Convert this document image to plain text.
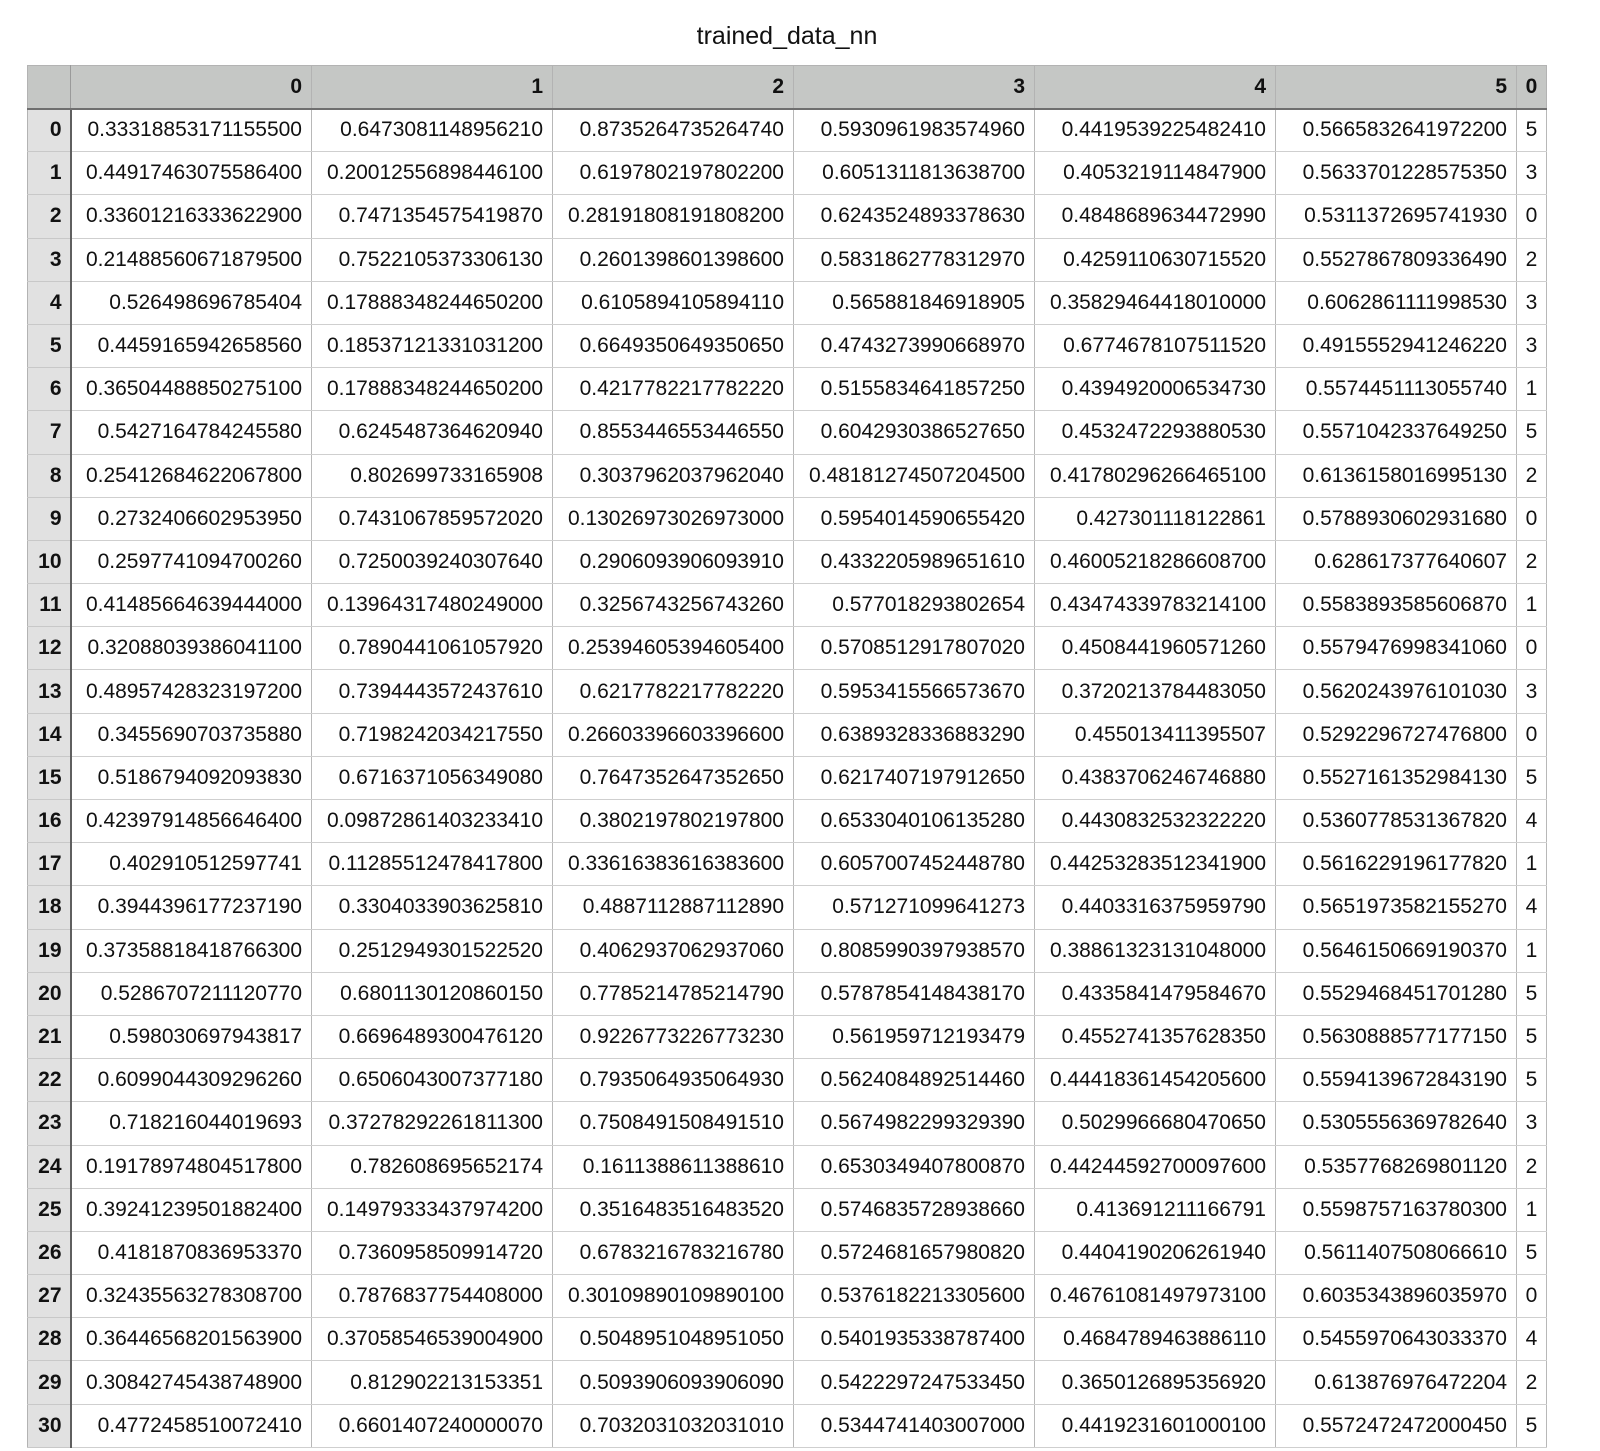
trained_data_nn
	0	1	2	3	4	5	0
0	0.33318853171155500	0.6473081148956210	0.8735264735264740	0.5930961983574960	0.4419539225482410	0.5665832641972200	5
1	0.44917463075586400	0.20012556898446100	0.6197802197802200	0.6051311813638700	0.4053219114847900	0.5633701228575350	3
2	0.33601216333622900	0.7471354575419870	0.28191808191808200	0.6243524893378630	0.4848689634472990	0.5311372695741930	0
3	0.21488560671879500	0.7522105373306130	0.2601398601398600	0.5831862778312970	0.4259110630715520	0.5527867809336490	2
4	0.526498696785404	0.17888348244650200	0.6105894105894110	0.565881846918905	0.35829464418010000	0.6062861111998530	3
5	0.4459165942658560	0.18537121331031200	0.6649350649350650	0.4743273990668970	0.6774678107511520	0.4915552941246220	3
6	0.36504488850275100	0.17888348244650200	0.4217782217782220	0.5155834641857250	0.4394920006534730	0.5574451113055740	1
7	0.5427164784245580	0.6245487364620940	0.8553446553446550	0.6042930386527650	0.4532472293880530	0.5571042337649250	5
8	0.25412684622067800	0.802699733165908	0.3037962037962040	0.48181274507204500	0.41780296266465100	0.6136158016995130	2
9	0.2732406602953950	0.7431067859572020	0.13026973026973000	0.5954014590655420	0.427301118122861	0.5788930602931680	0
10	0.2597741094700260	0.7250039240307640	0.2906093906093910	0.4332205989651610	0.46005218286608700	0.628617377640607	2
11	0.41485664639444000	0.13964317480249000	0.3256743256743260	0.577018293802654	0.43474339783214100	0.5583893585606870	1
12	0.32088039386041100	0.7890441061057920	0.25394605394605400	0.5708512917807020	0.4508441960571260	0.5579476998341060	0
13	0.48957428323197200	0.7394443572437610	0.6217782217782220	0.5953415566573670	0.3720213784483050	0.5620243976101030	3
14	0.3455690703735880	0.7198242034217550	0.26603396603396600	0.6389328336883290	0.455013411395507	0.5292296727476800	0
15	0.5186794092093830	0.6716371056349080	0.7647352647352650	0.6217407197912650	0.4383706246746880	0.5527161352984130	5
16	0.42397914856646400	0.09872861403233410	0.3802197802197800	0.6533040106135280	0.4430832532322220	0.5360778531367820	4
17	0.402910512597741	0.11285512478417800	0.33616383616383600	0.6057007452448780	0.44253283512341900	0.5616229196177820	1
18	0.3944396177237190	0.3304033903625810	0.4887112887112890	0.571271099641273	0.4403316375959790	0.5651973582155270	4
19	0.37358818418766300	0.2512949301522520	0.4062937062937060	0.8085990397938570	0.38861323131048000	0.5646150669190370	1
20	0.5286707211120770	0.6801130120860150	0.7785214785214790	0.5787854148438170	0.4335841479584670	0.5529468451701280	5
21	0.598030697943817	0.6696489300476120	0.9226773226773230	0.561959712193479	0.4552741357628350	0.5630888577177150	5
22	0.6099044309296260	0.6506043007377180	0.7935064935064930	0.5624084892514460	0.44418361454205600	0.5594139672843190	5
23	0.718216044019693	0.37278292261811300	0.7508491508491510	0.5674982299329390	0.5029966680470650	0.5305556369782640	3
24	0.19178974804517800	0.782608695652174	0.1611388611388610	0.6530349407800870	0.44244592700097600	0.5357768269801120	2
25	0.39241239501882400	0.14979333437974200	0.3516483516483520	0.5746835728938660	0.413691211166791	0.5598757163780300	1
26	0.4181870836953370	0.7360958509914720	0.6783216783216780	0.5724681657980820	0.4404190206261940	0.5611407508066610	5
27	0.32435563278308700	0.7876837754408000	0.30109890109890100	0.5376182213305600	0.46761081497973100	0.6035343896035970	0
28	0.36446568201563900	0.37058546539004900	0.5048951048951050	0.5401935338787400	0.4684789463886110	0.5455970643033370	4
29	0.30842745438748900	0.812902213153351	0.5093906093906090	0.5422297247533450	0.3650126895356920	0.613876976472204	2
30	0.4772458510072410	0.6601407240000070	0.7032031032031010	0.5344741403007000	0.4419231601000100	0.5572472472000450	5
